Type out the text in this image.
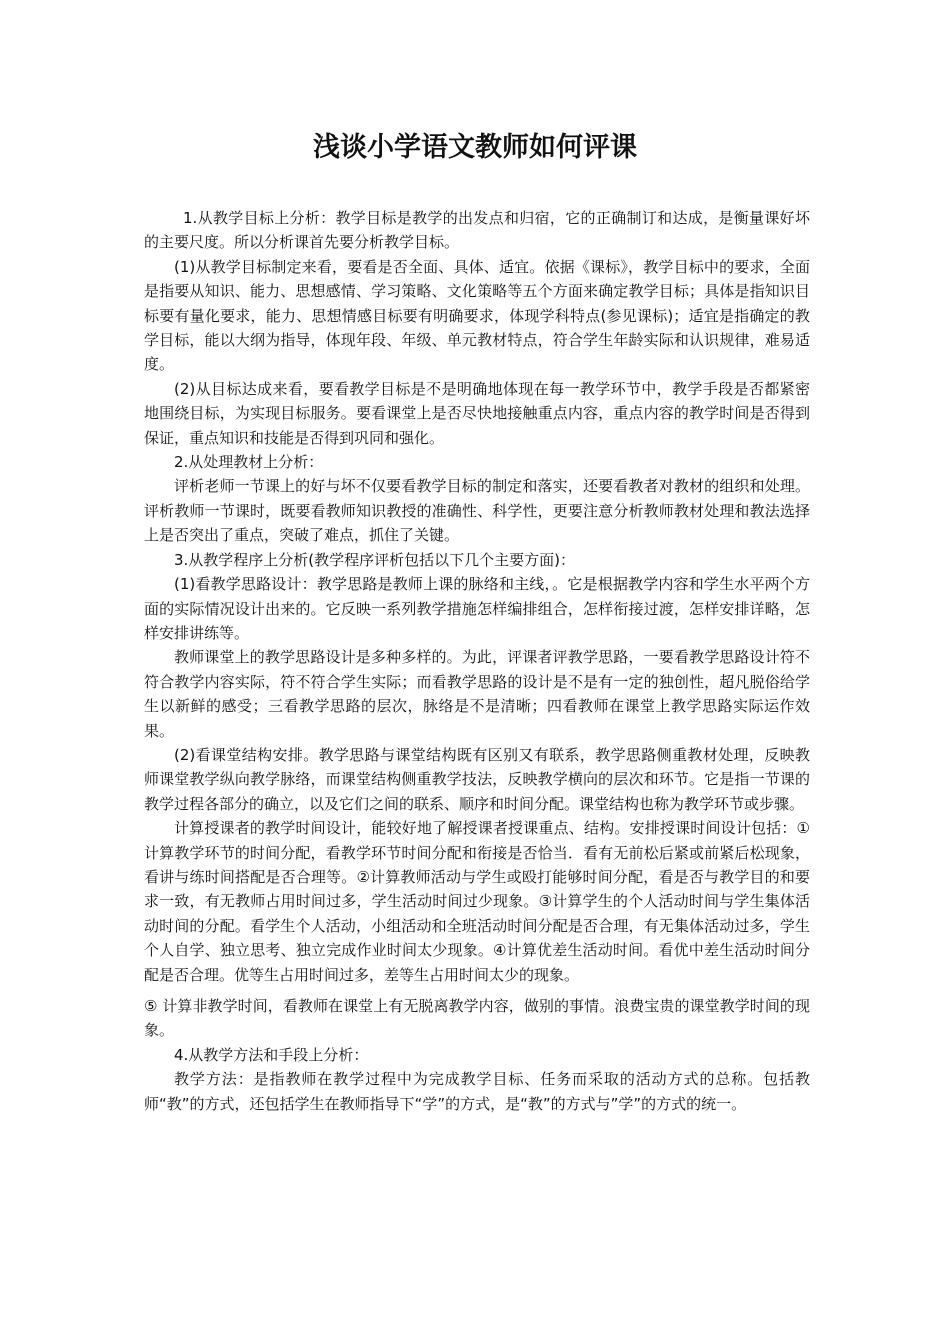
浅谈小学语文教师如何评课

1.从教学目标上分析：教学目标是教学的出发点和归宿，它的正确制订和达成，是衡量课好坏的主要尺度。所以分析课首先要分析教学目标。

(1)从教学目标制定来看，要看是否全面、具体、适宜。依据《课标》，教学目标中的要求，全面是指要从知识、能力、思想感情、学习策略、文化策略等五个方面来确定教学目标；具体是指知识目标要有量化要求，能力、思想情感目标要有明确要求，体现学科特点(参见课标)；适宜是指确定的教学目标，能以大纲为指导，体现年段、年级、单元教材特点，符合学生年龄实际和认识规律，难易适度。

(2)从目标达成来看，要看教学目标是不是明确地体现在每一教学环节中，教学手段是否都紧密地围绕目标，为实现目标服务。要看课堂上是否尽快地接触重点内容，重点内容的教学时间是否得到保证，重点知识和技能是否得到巩同和强化。

2.从处理教材上分析：

评析老师一节课上的好与坏不仅要看教学目标的制定和落实，还要看教者对教材的组织和处理。评析教师一节课时，既要看教师知识教授的准确性、科学性，更要注意分析教师教材处理和教法选择上是否突出了重点，突破了难点，抓住了关键。

3.从教学程序上分析(教学程序评析包括以下几个主要方面)：

(1)看教学思路设计：教学思路是教师上课的脉络和主线，。它是根据教学内容和学生水平两个方面的实际情况设计出来的。它反映一系列教学措施怎样编排组合，怎样衔接过渡，怎样安排详略，怎样安排讲练等。

教师课堂上的教学思路设计是多种多样的。为此，评课者评教学思路，一要看教学思路设计符不符合教学内容实际，符不符合学生实际；而看教学思路的设计是不是有一定的独创性，超凡脱俗给学生以新鲜的感受；三看教学思路的层次，脉络是不是清晰；四看教师在课堂上教学思路实际运作效果。

(2)看课堂结构安排。教学思路与课堂结构既有区别又有联系，教学思路侧重教材处理，反映教师课堂教学纵向教学脉络，而课堂结构侧重教学技法，反映教学横向的层次和环节。它是指一节课的教学过程各部分的确立，以及它们之间的联系、顺序和时间分配。课堂结构也称为教学环节或步骤。

计算授课者的教学时间设计，能较好地了解授课者授课重点、结构。安排授课时间设计包括：①计算教学环节的时间分配，看教学环节时间分配和衔接是否恰当．看有无前松后紧或前紧后松现象，看讲与练时间搭配是否合理等。②计算教师活动与学生或殴打能够时间分配，看是否与教学目的和要求一致，有无教师占用时间过多，学生活动时间过少现象。③计算学生的个人活动时间与学生集体活动时间的分配。看学生个人活动，小组活动和全班活动时间分配是否合理，有无集体活动过多，学生个人自学、独立思考、独立完成作业时间太少现象。④计算优差生活动时间。看优中差生活动时间分配是否合理。优等生占用时间过多，差等生占用时间太少的现象。

⑤ 计算非教学时间，看教师在课堂上有无脱离教学内容，做别的事情。浪费宝贵的课堂教学时间的现象。

4.从教学方法和手段上分析：

教学方法：是指教师在教学过程中为完成教学目标、任务而采取的活动方式的总称。包括教师“教”的方式，还包括学生在教师指导下“学”的方式，是“教”的方式与”学”的方式的统一。
